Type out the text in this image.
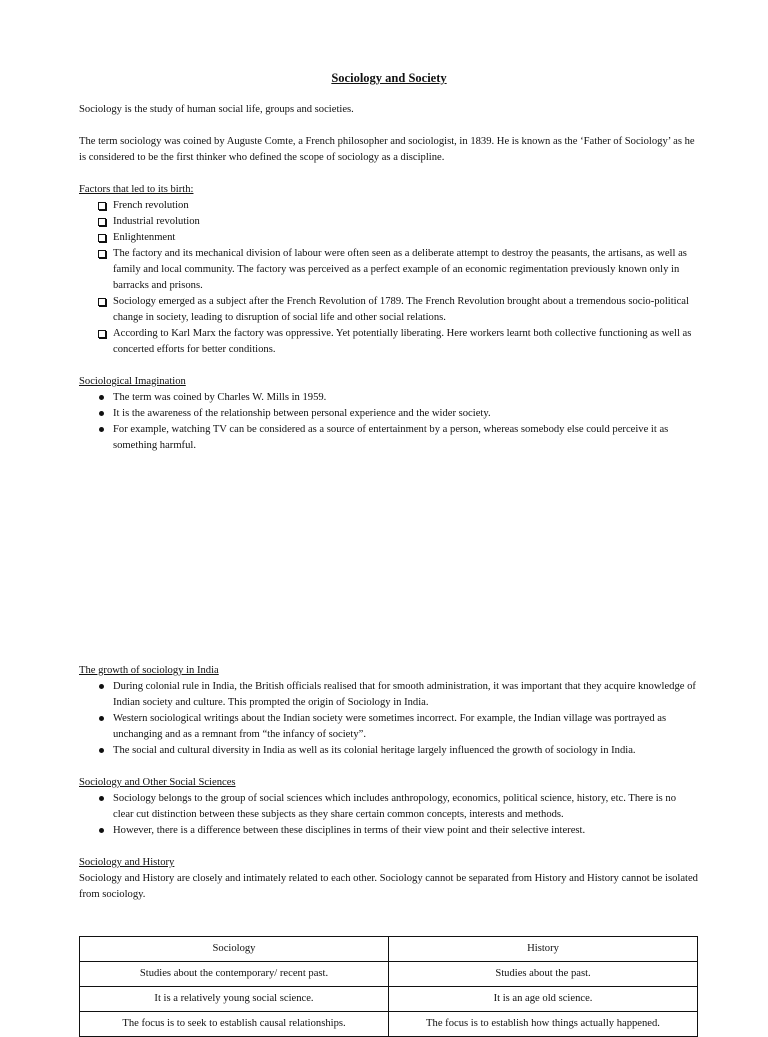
Sociology and Society

Sociology is the study of human social life, groups and societies.

The term sociology was coined by Auguste Comte, a French philosopher and sociologist, in 1839. He is known as the ‘Father of Sociology’ as he is considered to be the first thinker who defined the scope of sociology as a discipline.

Factors that led to its birth:

French revolution
Industrial revolution
Enlightenment
The factory and its mechanical division of labour were often seen as a deliberate attempt to destroy the peasants, the artisans, as well as family and local community. The factory was perceived as a perfect example of an economic regimentation previously known only in barracks and prisons.
Sociology emerged as a subject after the French Revolution of 1789. The French Revolution brought about a tremendous socio-political change in society, leading to disruption of social life and other social relations.
According to Karl Marx the factory was oppressive. Yet potentially liberating. Here workers learnt both collective functioning as well as concerted efforts for better conditions.

Sociological Imagination

The term was coined by Charles W. Mills in 1959.
It is the awareness of the relationship between personal experience and the wider society.
For example, watching TV can be considered as a source of entertainment by a person, whereas somebody else could perceive it as something harmful.

The growth of sociology in India

During colonial rule in India, the British officials realised that for smooth administration, it was important that they acquire knowledge of Indian society and culture. This prompted the origin of Sociology in India.
Western sociological writings about the Indian society were sometimes incorrect. For example, the Indian village was portrayed as unchanging and as a remnant from “the infancy of society”.
The social and cultural diversity in India as well as its colonial heritage largely influenced the growth of sociology in India.

Sociology and Other Social Sciences

Sociology belongs to the group of social sciences which includes anthropology, economics, political science, history, etc. There is no clear cut distinction between these subjects as they share certain common concepts, interests and methods.
However, there is a difference between these disciplines in terms of their view point and their selective interest.

Sociology and History

Sociology and History are closely and intimately related to each other. Sociology cannot be separated from History and History cannot be isolated from sociology.

Sociology	History
Studies about the contemporary/ recent past.	Studies about the past.
It is a relatively young social science.	It is an age old science.
The focus is to seek to establish causal relationships.	The focus is to establish how things actually happened.
